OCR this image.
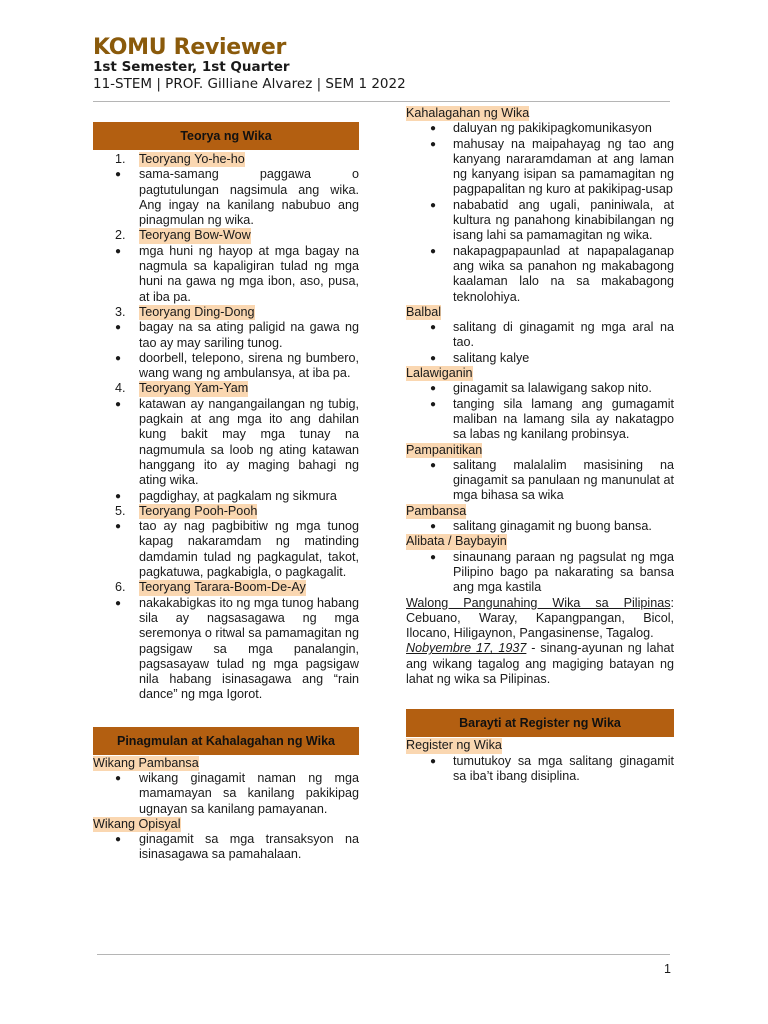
KOMU Reviewer
1st Semester, 1st Quarter
11-STEM | PROF. Gilliane Alvarez | SEM 1 2022
Teorya ng Wika
1. Teoryang Yo-he-ho
● sama-samang paggawa o pagtutulungan nagsimula ang wika. Ang ingay na kanilang nabubuo ang pinagmulan ng wika.
2. Teoryang Bow-Wow
● mga huni ng hayop at mga bagay na nagmula sa kapaligiran tulad ng mga huni na gawa ng mga ibon, aso, pusa, at iba pa.
3. Teoryang Ding-Dong
● bagay na sa ating paligid na gawa ng tao ay may sariling tunog.
● doorbell, telepono, sirena ng bumbero, wang wang ng ambulansya, at iba pa.
4. Teoryang Yam-Yam
● katawan ay nangangailangan ng tubig, pagkain at ang mga ito ang dahilan kung bakit may mga tunay na nagmumula sa loob ng ating katawan hanggang ito ay maging bahagi ng ating wika.
● pagdighay, at pagkalam ng sikmura
5. Teoryang Pooh-Pooh
● tao ay nag pagbibitiw ng mga tunog kapag nakaramdam ng matinding damdamin tulad ng pagkagulat, takot, pagkatuwa, pagkabigla, o pagkagalit.
6. Teoryang Tarara-Boom-De-Ay
● nakakabigkas ito ng mga tunog habang sila ay nagsasagawa ng mga seremonya o ritwal sa pamamagitan ng pagsigaw sa mga panalangin, pagsasayaw tulad ng mga pagsigaw nila habang isinasagawa ang “rain dance” ng mga Igorot.
Pinagmulan at Kahalagahan ng Wika
Wikang Pambansa
● wikang ginagamit naman ng mga mamamayan sa kanilang pakikipag ugnayan sa kanilang pamayanan.
Wikang Opisyal
● ginagamit sa mga transaksyon na isinasagawa sa pamahalaan.
Kahalagahan ng Wika
● daluyan ng pakikipagkomunikasyon
● mahusay na maipahayag ng tao ang kanyang nararamdaman at ang laman ng kanyang isipan sa pamamagitan ng pagpapalitan ng kuro at pakikipag-usap
● nababatid ang ugali, paniniwala, at kultura ng panahong kinabibilangan ng isang lahi sa pamamagitan ng wika.
● nakapagpapaunlad at napapalaganap ang wika sa panahon ng makabagong kaalaman lalo na sa makabagong teknolohiya.
Balbal
● salitang di ginagamit ng mga aral na tao.
● salitang kalye
Lalawiganin
● ginagamit sa lalawigang sakop nito.
● tanging sila lamang ang gumagamit maliban na lamang sila ay nakatagpo sa labas ng kanilang probinsya.
Pampanitikan
● salitang malalalim masisining na ginagamit sa panulaan ng manunulat at mga bihasa sa wika
Pambansa
● salitang ginagamit ng buong bansa.
Alibata / Baybayin
● sinaunang paraan ng pagsulat ng mga Pilipino bago pa nakarating sa bansa ang mga kastila
Walong Pangunahing Wika sa Pilipinas: Cebuano, Waray, Kapangpangan, Bicol, Ilocano, Hiligaynon, Pangasinense, Tagalog.
Nobyembre 17, 1937 - sinang-ayunan ng lahat ang wikang tagalog ang magiging batayan ng lahat ng wika sa Pilipinas.
Barayti at Register ng Wika
Register ng Wika
● tumutukoy sa mga salitang ginagamit sa iba’t ibang disiplina.
1
